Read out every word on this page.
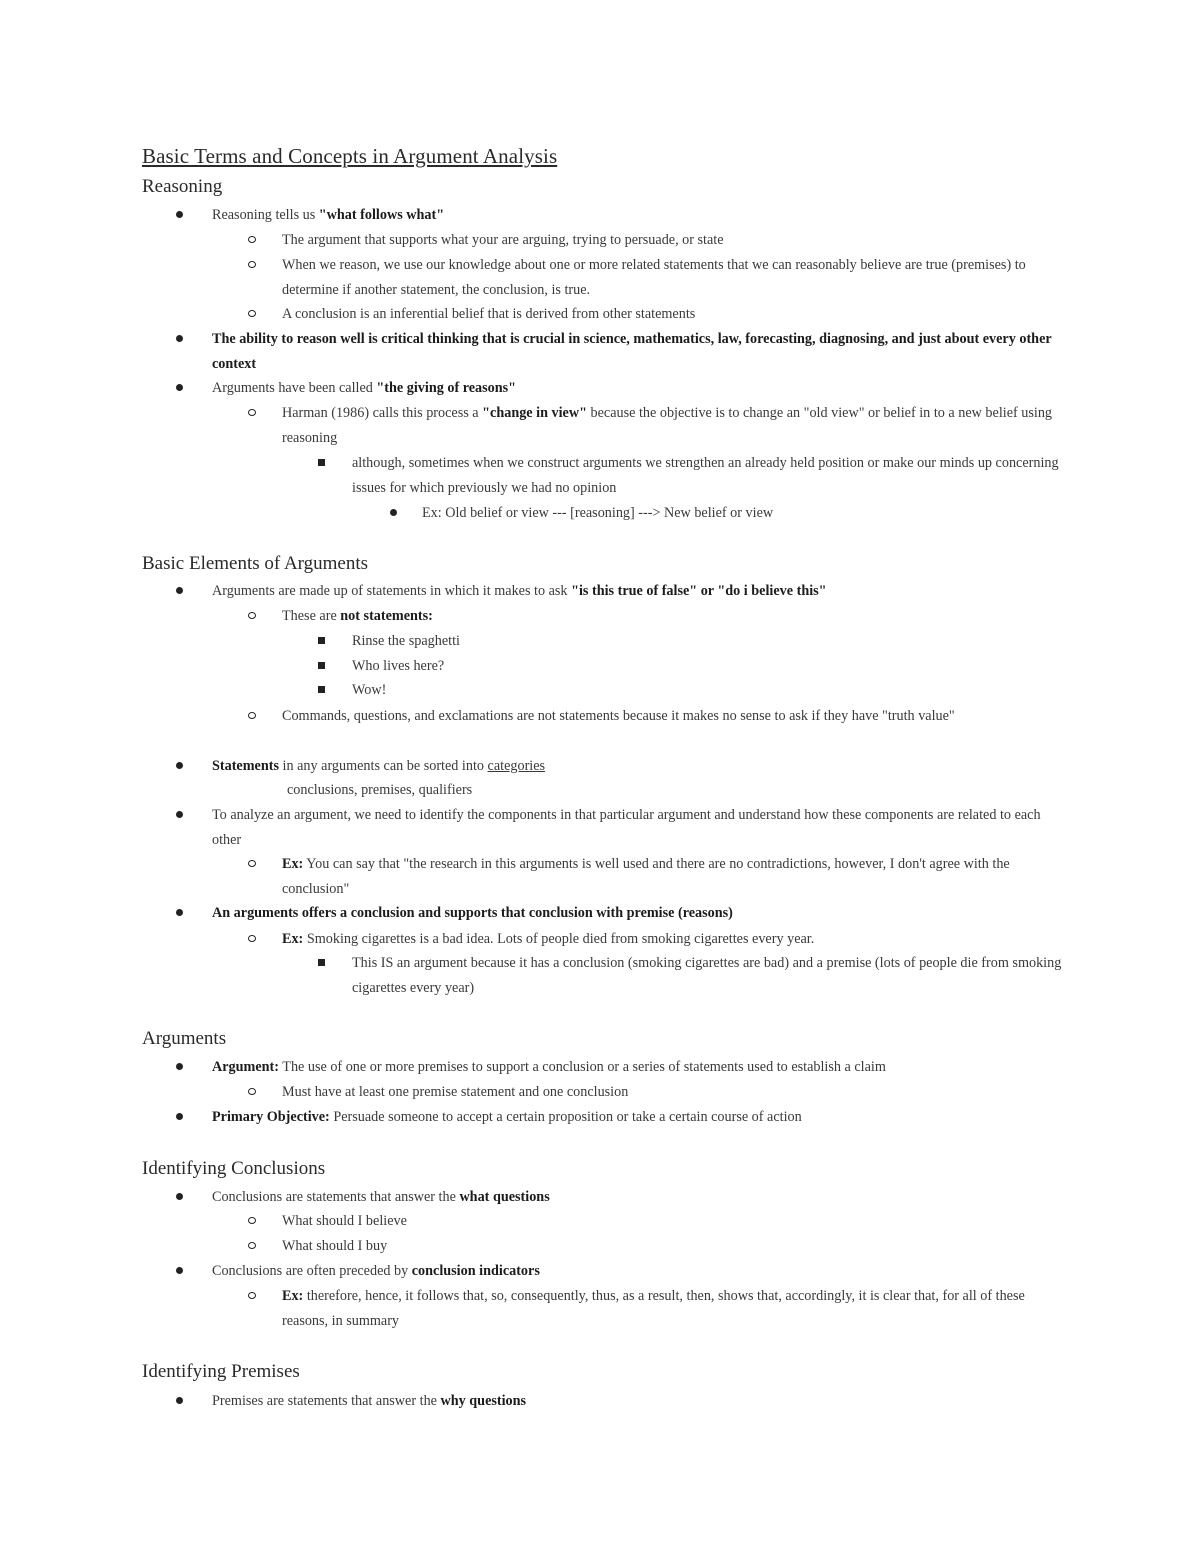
Basic Terms and Concepts in Argument Analysis
Reasoning
Reasoning tells us "what follows what"
The argument that supports what your are arguing, trying to persuade, or state
When we reason, we use our knowledge about one or more related statements that we can reasonably believe are true (premises) to determine if another statement, the conclusion, is true.
A conclusion is an inferential belief that is derived from other statements
The ability to reason well is critical thinking that is crucial in science, mathematics, law, forecasting, diagnosing, and just about every other context
Arguments have been called "the giving of reasons"
Harman (1986) calls this process a "change in view" because the objective is to change an "old view" or belief in to a new belief using reasoning
although, sometimes when we construct arguments we strengthen an already held position or make our minds up concerning issues for which previously we had no opinion
Ex: Old belief or view --- [reasoning] ---> New belief or view
Basic Elements of Arguments
Arguments are made up of statements in which it makes to ask "is this true of false" or "do i believe this"
These are not statements:
Rinse the spaghetti
Who lives here?
Wow!
Commands, questions, and exclamations are not statements because it makes no sense to ask if they have "truth value"
Statements in any arguments can be sorted into categories
conclusions, premises, qualifiers
To analyze an argument, we need to identify the components in that particular argument and understand how these components are related to each other
Ex: You can say that "the research in this arguments is well used and there are no contradictions, however, I don't agree with the conclusion"
An arguments offers a conclusion and supports that conclusion with premise (reasons)
Ex: Smoking cigarettes is a bad idea. Lots of people died from smoking cigarettes every year.
This IS an argument because it has a conclusion (smoking cigarettes are bad) and a premise (lots of people die from smoking cigarettes every year)
Arguments
Argument: The use of one or more premises to support a conclusion or a series of statements used to establish a claim
Must have at least one premise statement and one conclusion
Primary Objective: Persuade someone to accept a certain proposition or take a certain course of action
Identifying Conclusions
Conclusions are statements that answer the what questions
What should I believe
What should I buy
Conclusions are often preceded by conclusion indicators
Ex: therefore, hence, it follows that, so, consequently, thus, as a result, then, shows that, accordingly, it is clear that, for all of these reasons, in summary
Identifying Premises
Premises are statements that answer the why questions
